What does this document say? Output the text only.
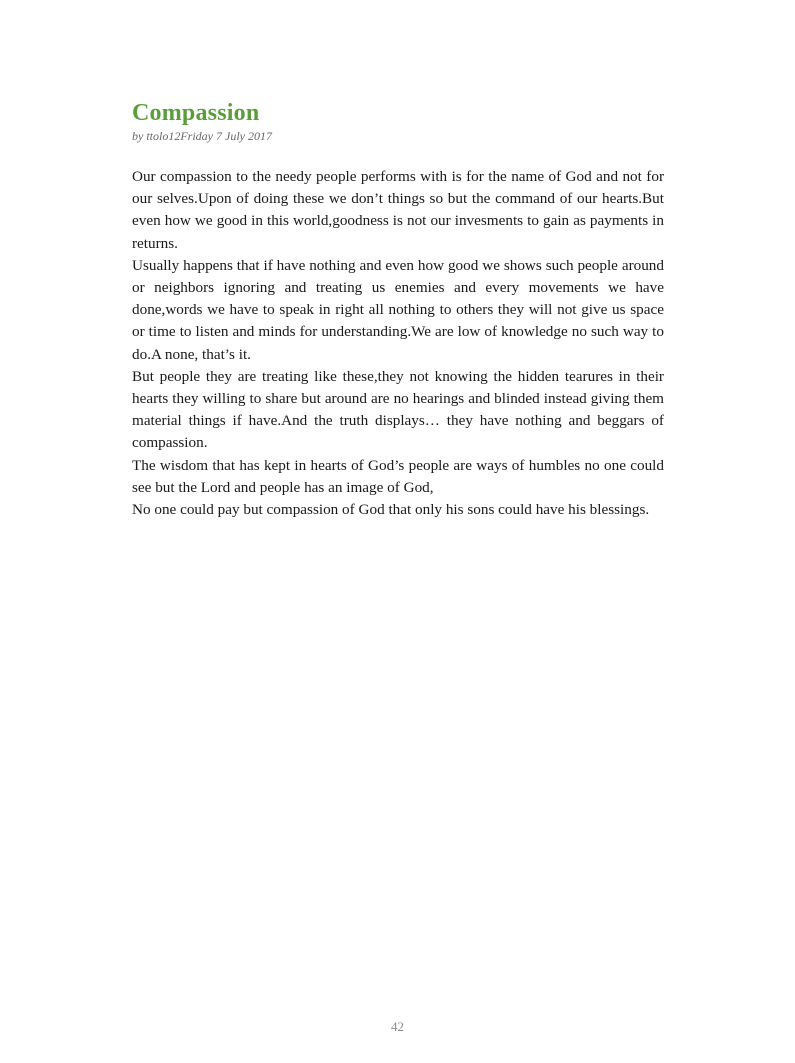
Compassion
by ttolo12Friday 7 July 2017

Our compassion to the needy people performs with is for the name of God and not for our selves.Upon of doing these we don’t things so but the command of our hearts.But even how we good in this world,goodness is not our invesments to gain as payments in returns.

Usually happens that if have nothing and even how good we shows such people around or neighbors ignoring and treating us enemies and every movements we have done,words we have to speak in right all nothing to others they will not give us space or time to listen and minds for understanding.We are low of knowledge no such way to do.A none, that’s it.

But people they are treating like these,they not knowing the hidden tearures in their hearts they willing to share but around are no hearings and blinded instead giving them material things if have.And the truth displays… they have nothing and beggars of compassion.

The wisdom that has kept in hearts of God’s people are ways of humbles no one could see but the Lord and people has an image of God,

No one could pay but compassion of God that only his sons could have his blessings.

42
